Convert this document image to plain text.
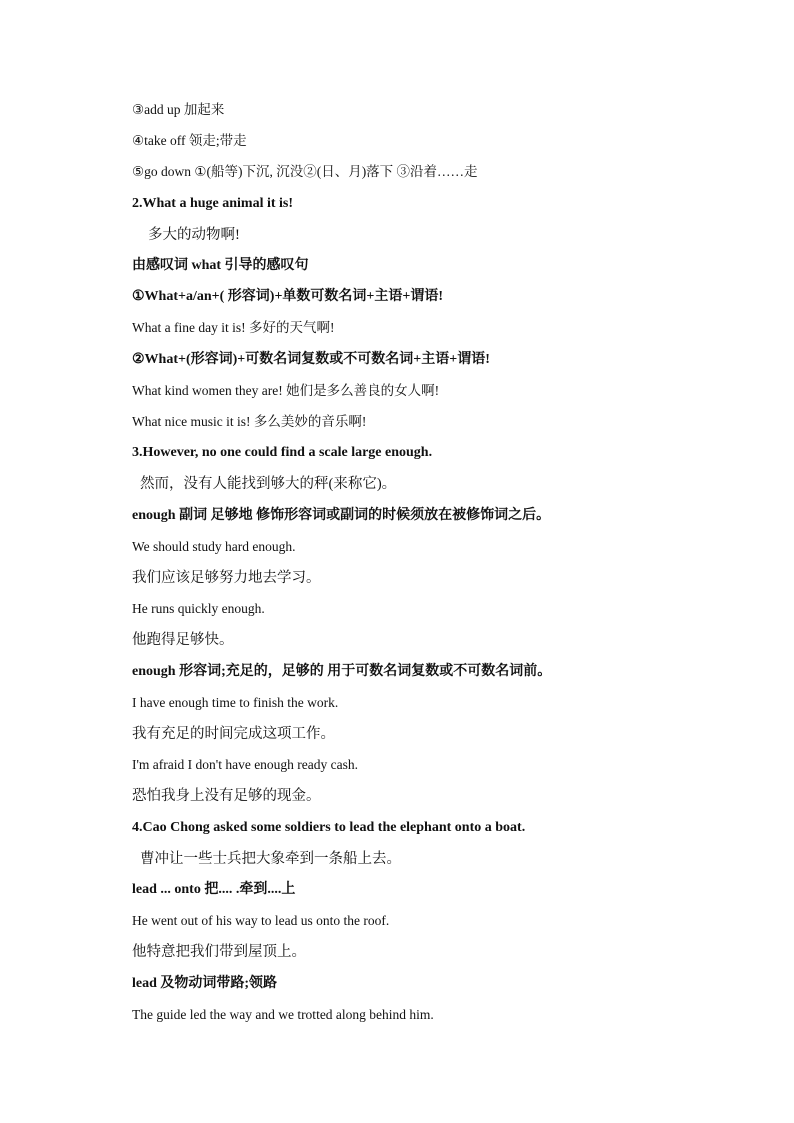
③add up 加起来
④take off 领走;带走
⑤go down ①(船等)下沉, 沉没②(日、月)落下 ③沿着……走
2.What a huge animal it is!
多大的动物啊!
由感叹词 what 引导的感叹句
①What+a/an+( 形容词)+单数可数名词+主语+谓语!
What a fine day it is! 多好的天气啊!
②What+(形容词)+可数名词复数或不可数名词+主语+谓语!
What kind women they are! 她们是多么善良的女人啊!
What nice music it is! 多么美妙的音乐啊!
3.However, no one could find a scale large enough.
然而，没有人能找到够大的秤(来称它)。
enough 副词 足够地 修饰形容词或副词的时候须放在被修饰词之后。
We should study hard enough.
我们应该足够努力地去学习。
He runs quickly enough.
他跑得足够快。
enough 形容词;充足的，足够的 用于可数名词复数或不可数名词前。
I have enough time to finish the work.
我有充足的时间完成这项工作。
I'm afraid I don't have enough ready cash.
恐怕我身上没有足够的现金。
4.Cao Chong asked some soldiers to lead the elephant onto a boat.
曹冲让一些士兵把大象牵到一条船上去。
lead ... onto 把.... .牵到....上
He went out of his way to lead us onto the roof.
他特意把我们带到屋顶上。
lead 及物动词带路;领路
The guide led the way and we trotted along behind him.
